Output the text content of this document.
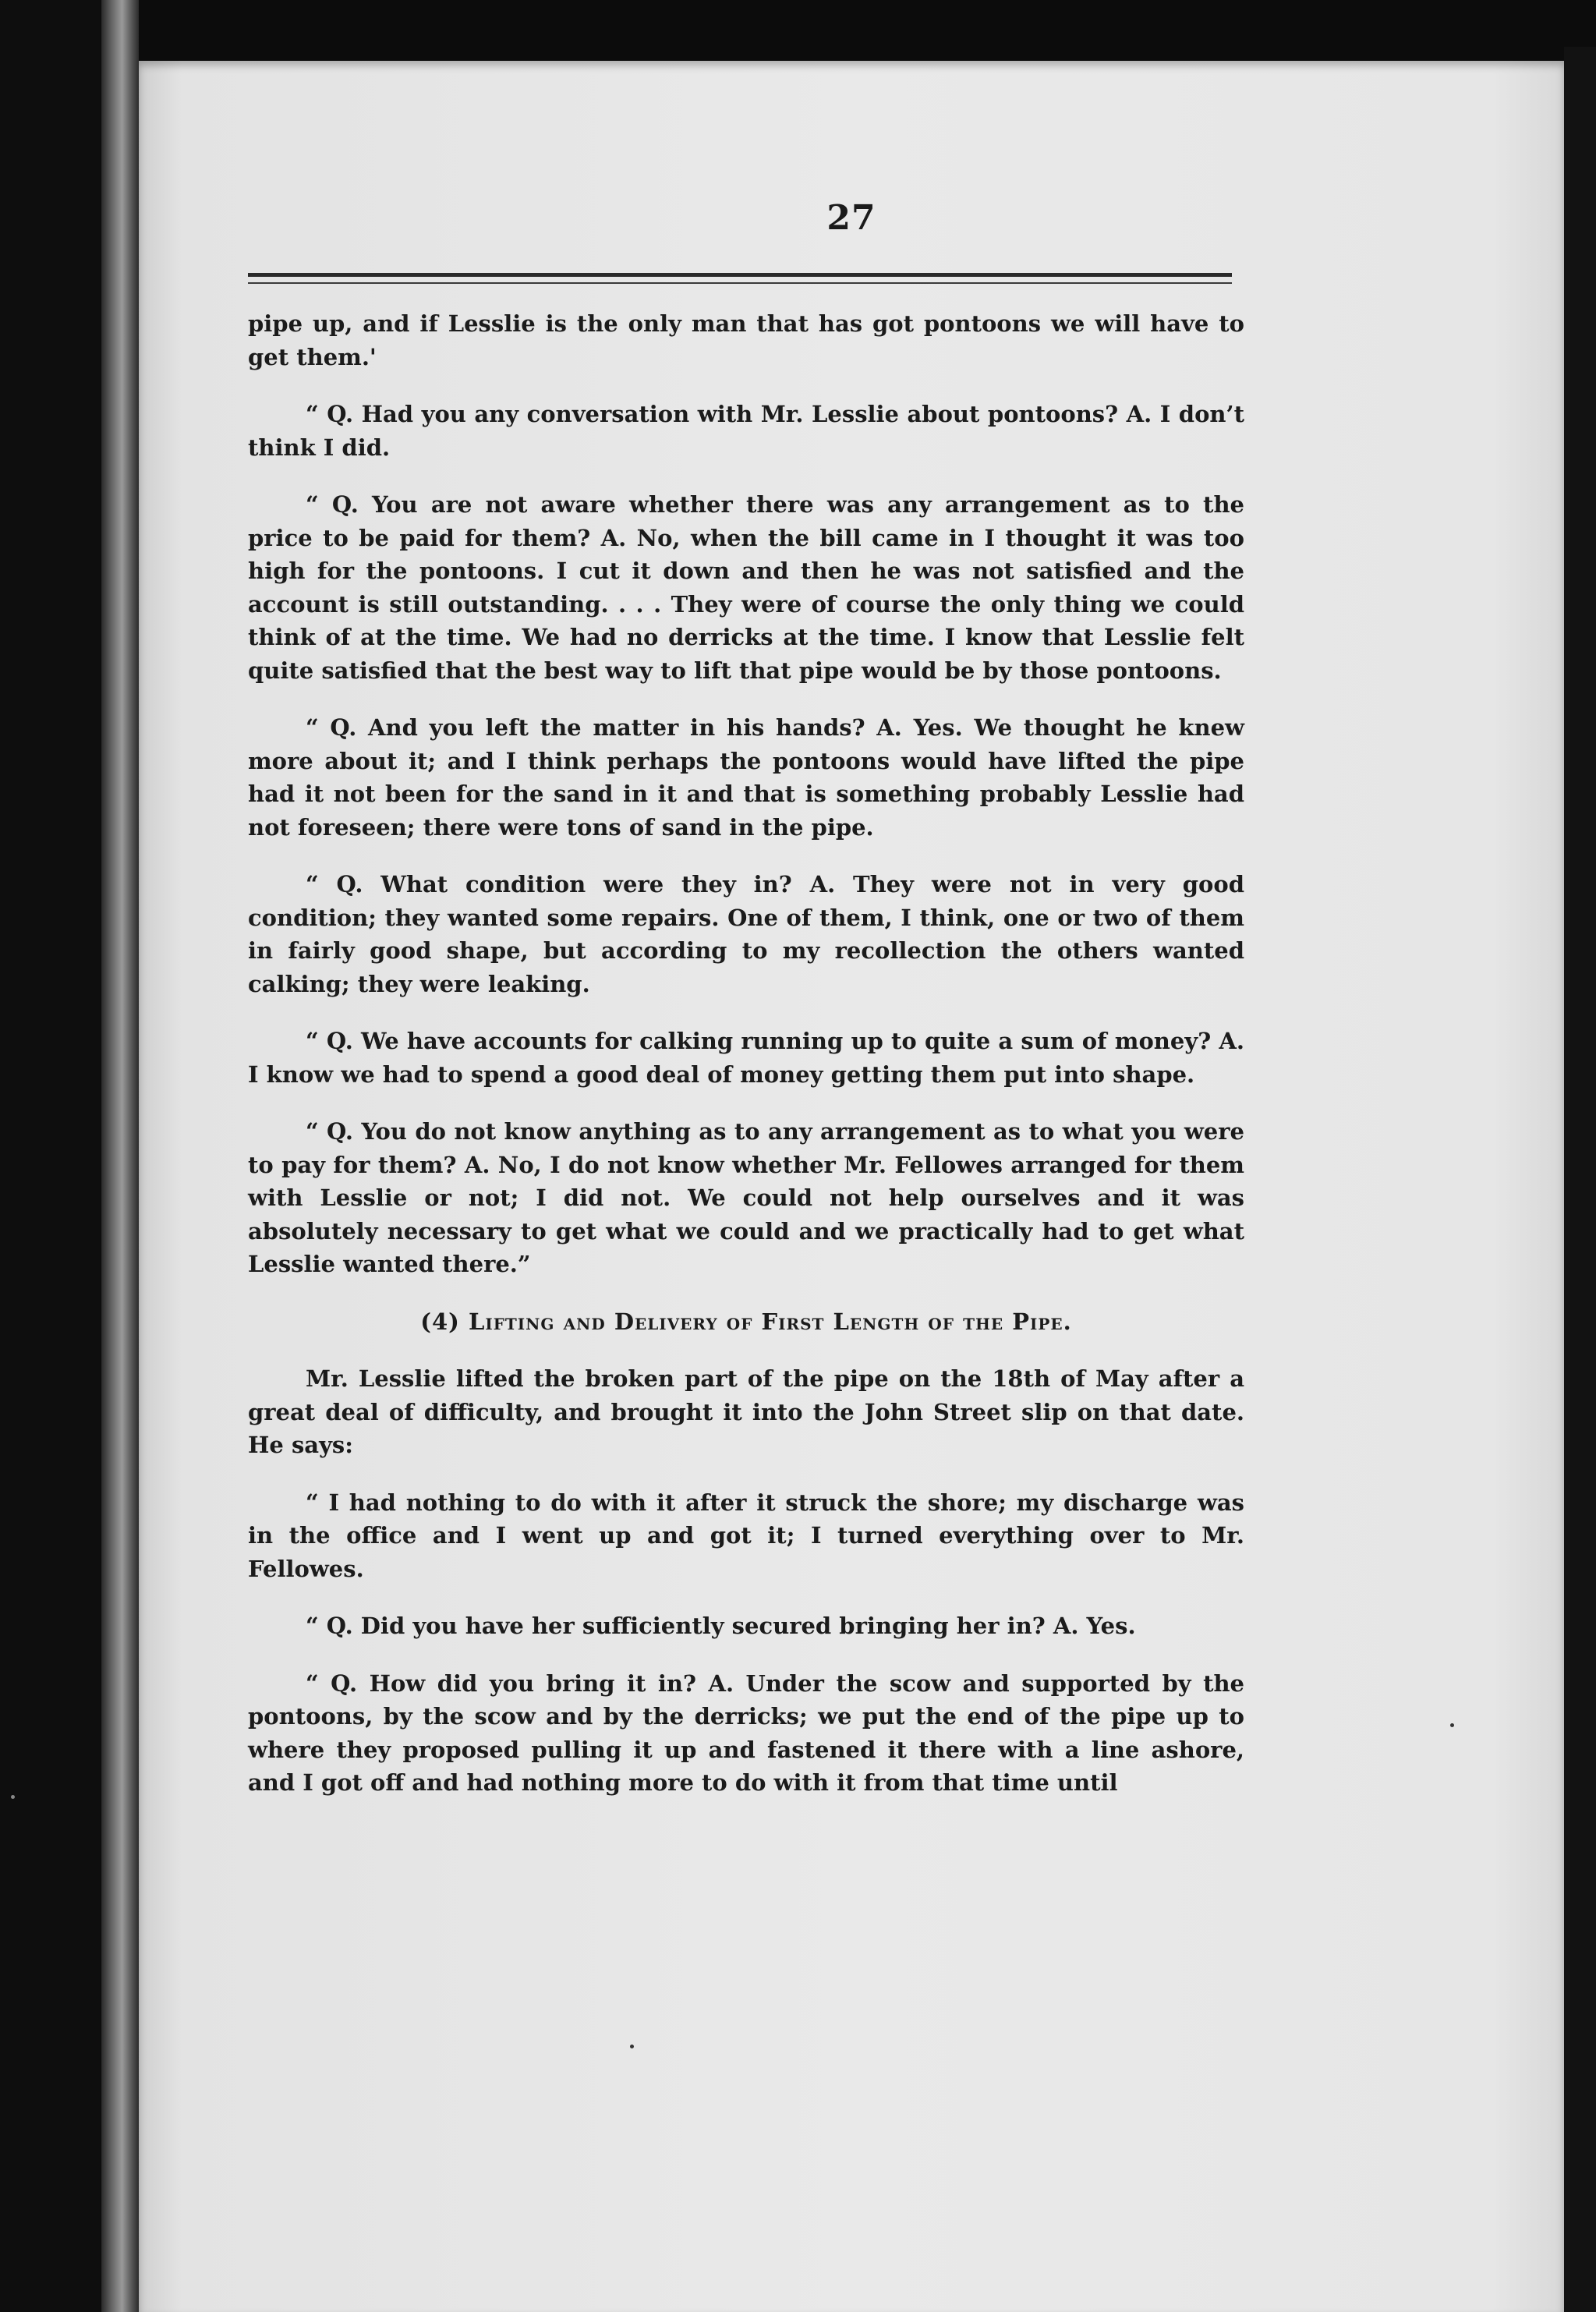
27

pipe up, and if Lesslie is the only man that has got pontoons we will have to get them.'

“ Q. Had you any conversation with Mr. Lesslie about pontoons? A. I don’t think I did.

“ Q. You are not aware whether there was any arrangement as to the price to be paid for them? A. No, when the bill came in I thought it was too high for the pontoons. I cut it down and then he was not satisfied and the account is still outstanding. . . . They were of course the only thing we could think of at the time. We had no derricks at the time. I know that Lesslie felt quite satisfied that the best way to lift that pipe would be by those pontoons.

“ Q. And you left the matter in his hands? A. Yes. We thought he knew more about it; and I think perhaps the pontoons would have lifted the pipe had it not been for the sand in it and that is something probably Lesslie had not foreseen; there were tons of sand in the pipe.

“ Q. What condition were they in? A. They were not in very good condition; they wanted some repairs. One of them, I think, one or two of them in fairly good shape, but according to my recollection the others wanted calking; they were leaking.

“ Q. We have accounts for calking running up to quite a sum of money? A. I know we had to spend a good deal of money getting them put into shape.

“ Q. You do not know anything as to any arrangement as to what you were to pay for them? A. No, I do not know whether Mr. Fellowes arranged for them with Lesslie or not; I did not. We could not help ourselves and it was absolutely necessary to get what we could and we practically had to get what Lesslie wanted there.”

(4) Lifting and Delivery of First Length of the Pipe.

Mr. Lesslie lifted the broken part of the pipe on the 18th of May after a great deal of difficulty, and brought it into the John Street slip on that date. He says:

“ I had nothing to do with it after it struck the shore; my discharge was in the office and I went up and got it; I turned everything over to Mr. Fellowes.

“ Q. Did you have her sufficiently secured bringing her in? A. Yes.

“ Q. How did you bring it in? A. Under the scow and supported by the pontoons, by the scow and by the derricks; we put the end of the pipe up to where they proposed pulling it up and fastened it there with a line ashore, and I got off and had nothing more to do with it from that time until
